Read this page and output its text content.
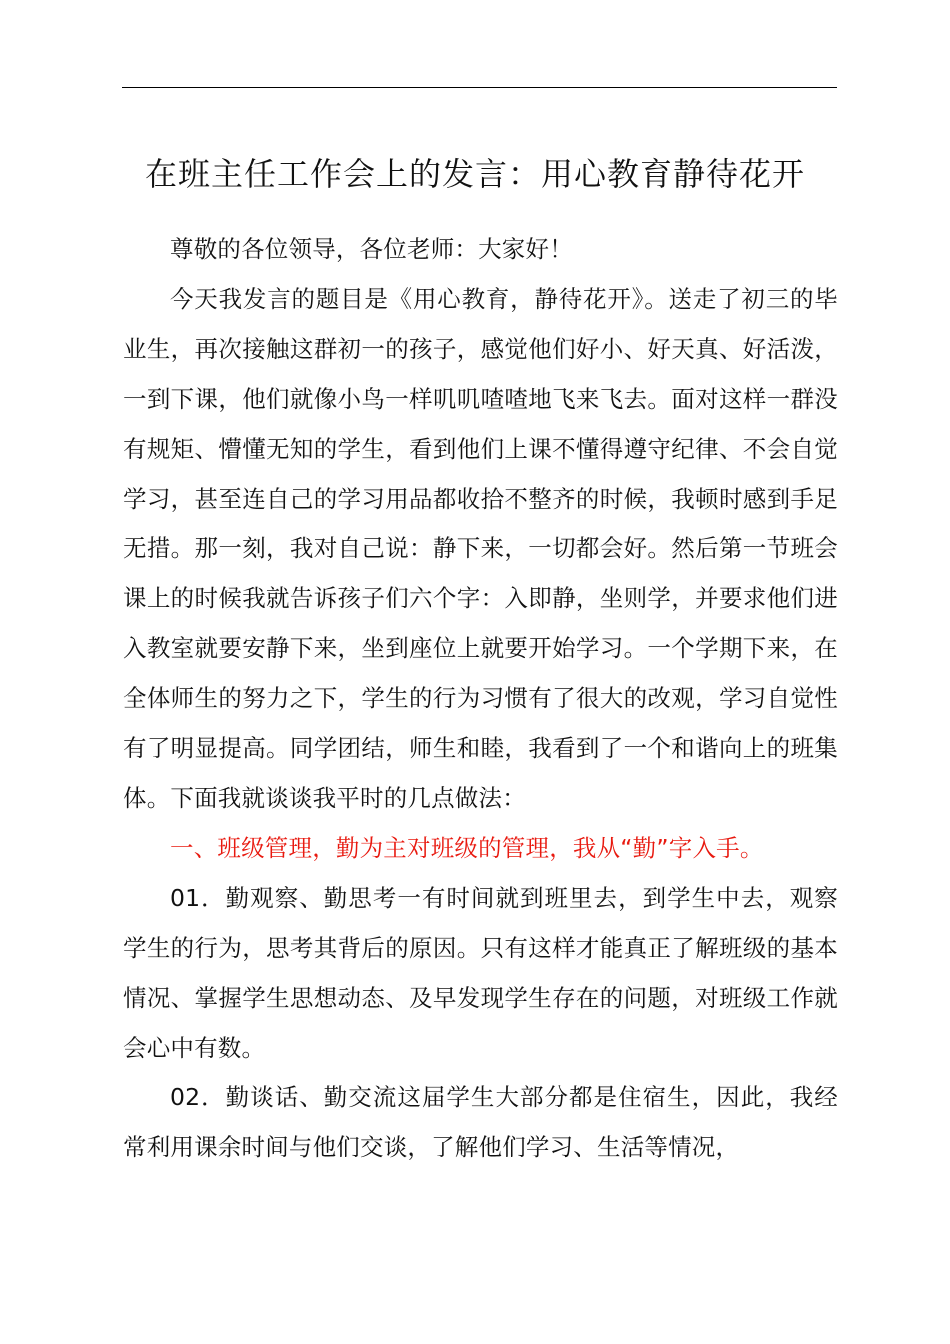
在班主任工作会上的发言：用心教育静待花开

尊敬的各位领导，各位老师：大家好！

今天我发言的题目是《用心教育，静待花开》。送走了初三的毕业生，再次接触这群初一的孩子，感觉他们好小、好天真、好活泼，一到下课，他们就像小鸟一样叽叽喳喳地飞来飞去。面对这样一群没有规矩、懵懂无知的学生，看到他们上课不懂得遵守纪律、不会自觉学习，甚至连自己的学习用品都收拾不整齐的时候，我顿时感到手足无措。那一刻，我对自己说：静下来，一切都会好。然后第一节班会课上的时候我就告诉孩子们六个字：入即静，坐则学，并要求他们进入教室就要安静下来，坐到座位上就要开始学习。一个学期下来，在全体师生的努力之下，学生的行为习惯有了很大的改观，学习自觉性有了明显提高。同学团结，师生和睦，我看到了一个和谐向上的班集体。下面我就谈谈我平时的几点做法：

一、班级管理，勤为主对班级的管理，我从“勤”字入手。

01．勤观察、勤思考一有时间就到班里去，到学生中去，观察学生的行为，思考其背后的原因。只有这样才能真正了解班级的基本情况、掌握学生思想动态、及早发现学生存在的问题，对班级工作就会心中有数。

02．勤谈话、勤交流这届学生大部分都是住宿生，因此，我经常利用课余时间与他们交谈，了解他们学习、生活等情况，
